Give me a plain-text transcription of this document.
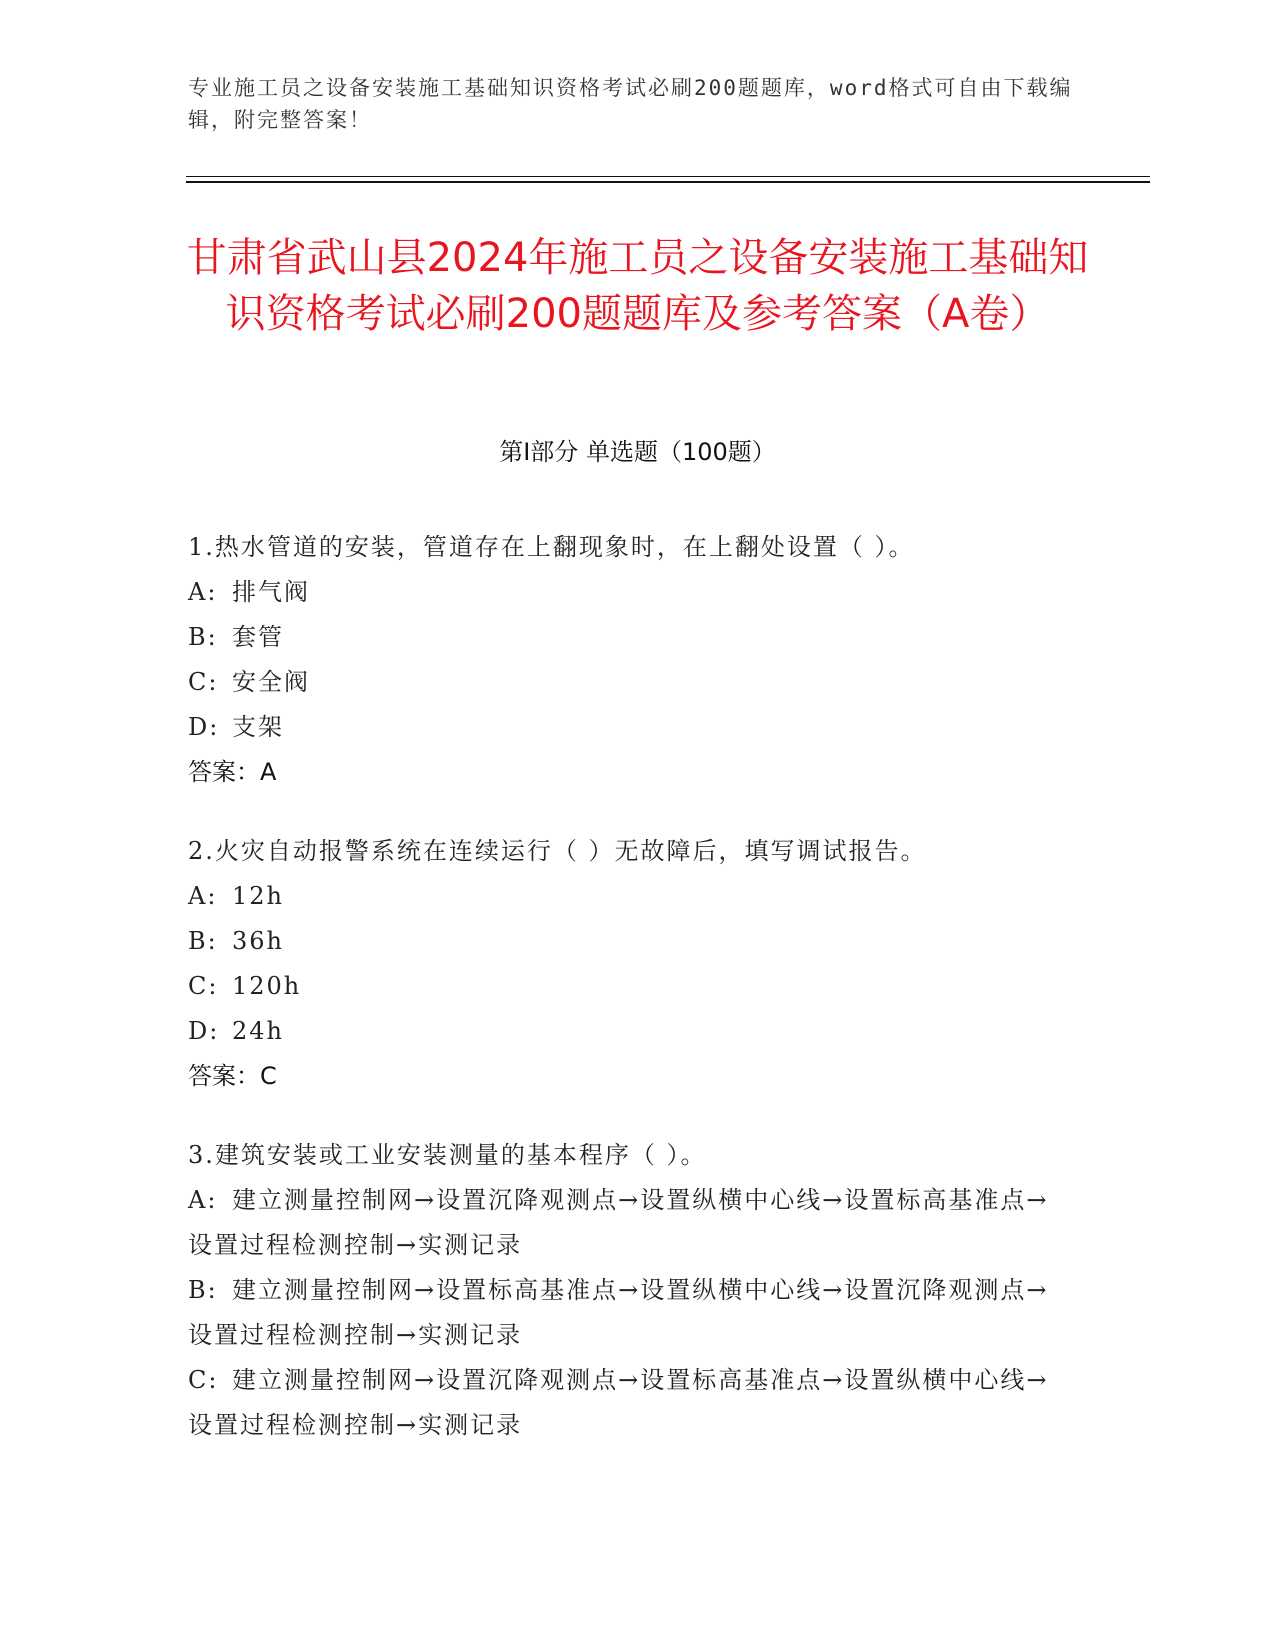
专业施工员之设备安装施工基础知识资格考试必刷200题题库，word格式可自由下载编辑，附完整答案！
甘肃省武山县2024年施工员之设备安装施工基础知识资格考试必刷200题题库及参考答案（A卷）
第Ⅰ部分 单选题（100题）
1.热水管道的安装，管道存在上翻现象时，在上翻处设置（ ）。
A: 排气阀
B: 套管
C: 安全阀
D: 支架
答案：A
2.火灾自动报警系统在连续运行（ ）无故障后，填写调试报告。
A: 12h
B: 36h
C: 120h
D: 24h
答案：C
3.建筑安装或工业安装测量的基本程序（ ）。
A: 建立测量控制网→设置沉降观测点→设置纵横中心线→设置标高基准点→设置过程检测控制→实测记录
B: 建立测量控制网→设置标高基准点→设置纵横中心线→设置沉降观测点→设置过程检测控制→实测记录
C: 建立测量控制网→设置沉降观测点→设置标高基准点→设置纵横中心线→设置过程检测控制→实测记录
